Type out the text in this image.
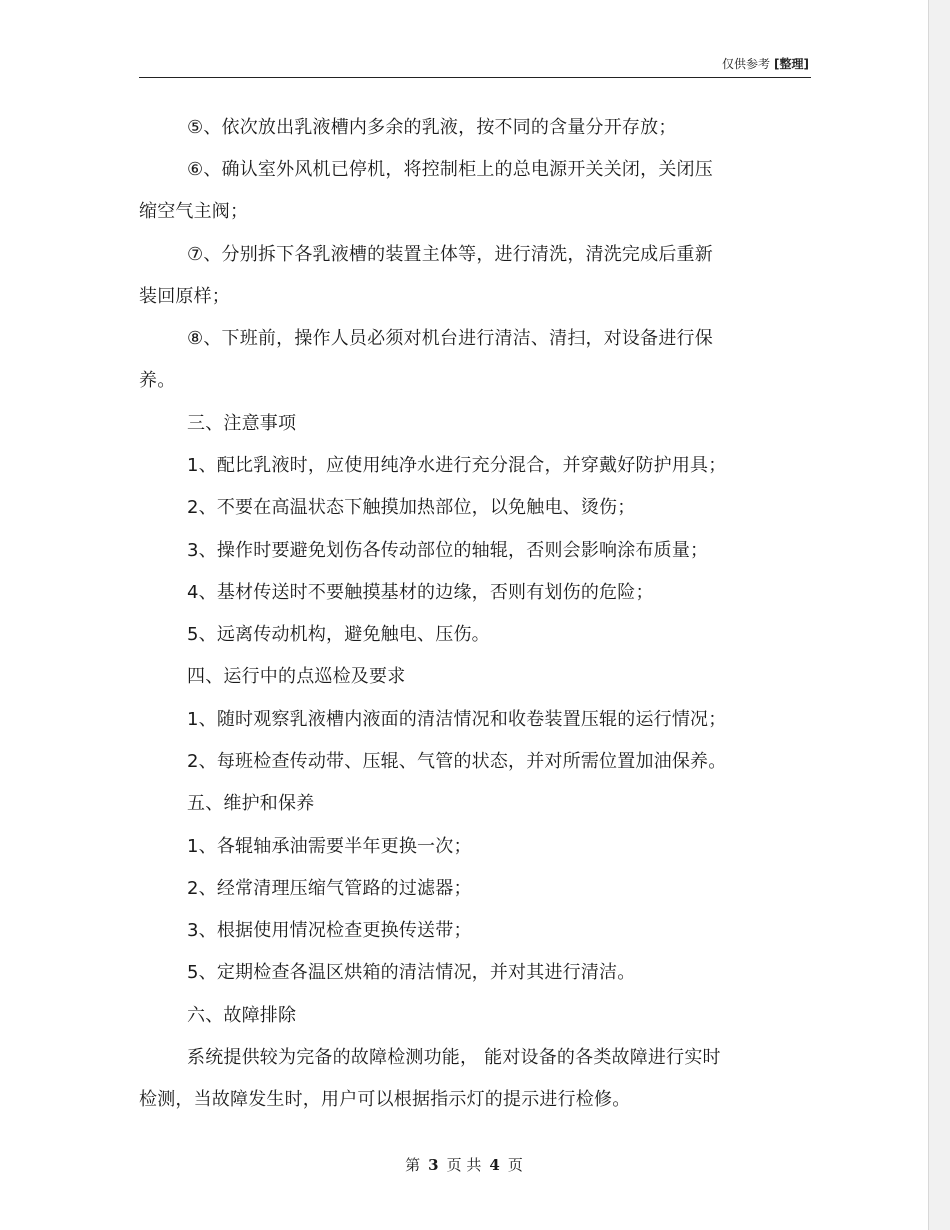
仅供参考 [整理]
⑤、依次放出乳液槽内多余的乳液，按不同的含量分开存放；
⑥、确认室外风机已停机，将控制柜上的总电源开关关闭，关闭压
缩空气主阀；
⑦、分别拆下各乳液槽的装置主体等，进行清洗，清洗完成后重新
装回原样；
⑧、下班前，操作人员必须对机台进行清洁、清扫，对设备进行保
养。
三、注意事项
1、配比乳液时，应使用纯净水进行充分混合，并穿戴好防护用具；
2、不要在高温状态下触摸加热部位，以免触电、烫伤；
3、操作时要避免划伤各传动部位的轴辊，否则会影响涂布质量；
4、基材传送时不要触摸基材的边缘，否则有划伤的危险；
5、远离传动机构，避免触电、压伤。
四、运行中的点巡检及要求
1、随时观察乳液槽内液面的清洁情况和收卷装置压辊的运行情况；
2、每班检查传动带、压辊、气管的状态，并对所需位置加油保养。
五、维护和保养
1、各辊轴承油需要半年更换一次；
2、经常清理压缩气管路的过滤器；
3、根据使用情况检查更换传送带；
5、定期检查各温区烘箱的清洁情况，并对其进行清洁。
六、故障排除
系统提供较为完备的故障检测功能， 能对设备的各类故障进行实时
检测，当故障发生时，用户可以根据指示灯的提示进行检修。
第 3 页 共 4 页
